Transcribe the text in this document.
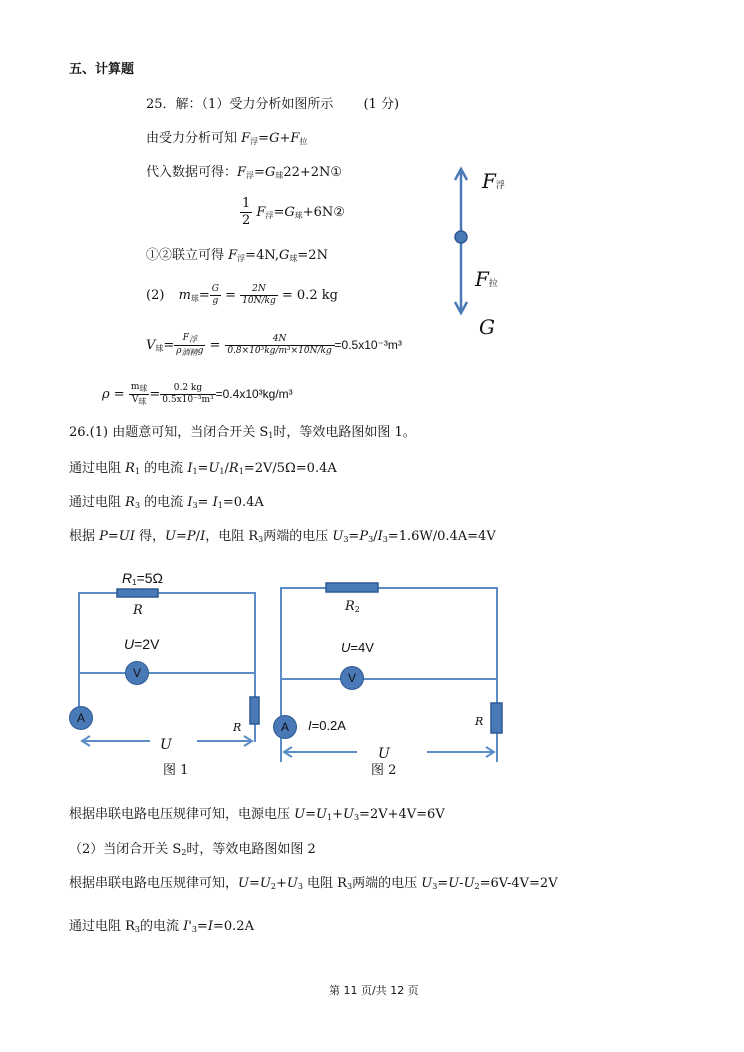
五、计算题
25．解：（1）受力分析如图所示 (1 分)
由受力分析可知 $F_浮=G+F_拉$
代入数据可得：$F_浮=G_球22+2N①$
$\frac{1}{2}$ $F_浮=G_球+6N②$
①②联立可得 $F_浮=4N,G_球=2N$
(2) $m_球= \frac{G}{g} = \frac{2N}{10N/kg} = 0.2$ kg
$V_球= \frac{\text{F浮}}{\text{ρ酒精g}} = \frac{4N}{\text{0.8×10³kg/m³×10N/kg}} =0.5x10^{-3}m^3$
$\rho = \frac{\text{m球}}{\text{V球}} = \frac{0.2 kg}{\text{0.5x10⁻³m³}} =0.4x10^3kg/m^3$
F浮
F拉
G
26.(1) 由题意可知，当闭合开关 $S_1$时，等效电路图如图 1。
通过电阻 $R_1$ 的电流 $I_1=U_1/R_1=2V/5\Omega=0.4A$
通过电阻 $R_3$ 的电流 $I_3= I_1=0.4A$
根据 P=UI 得，U=P/I，电阻 $R_3$两端的电压 $U_3=P_3/I_3=1.6W/0.4A=4V$
$R_1=5\Omega$
R
U=2V
V
A
R
U
图 1
$R_2$
U=4V
V
A	I=0.2A	R
U
图 2
根据串联电路电压规律可知，电源电压 $U=U_1+U_3=2V+4V=6V$
（2）当闭合开关 $S_2$时，等效电路图如图 2
根据串联电路电压规律可知，$U=U_2+U_3$ 电阻 $R_3$两端的电压 $U_3=U-U_2=6V-4V=2V$
通过电阻 $R_3$的电流 $I'_3=I=0.2A$
第 11 页/共 12 页
